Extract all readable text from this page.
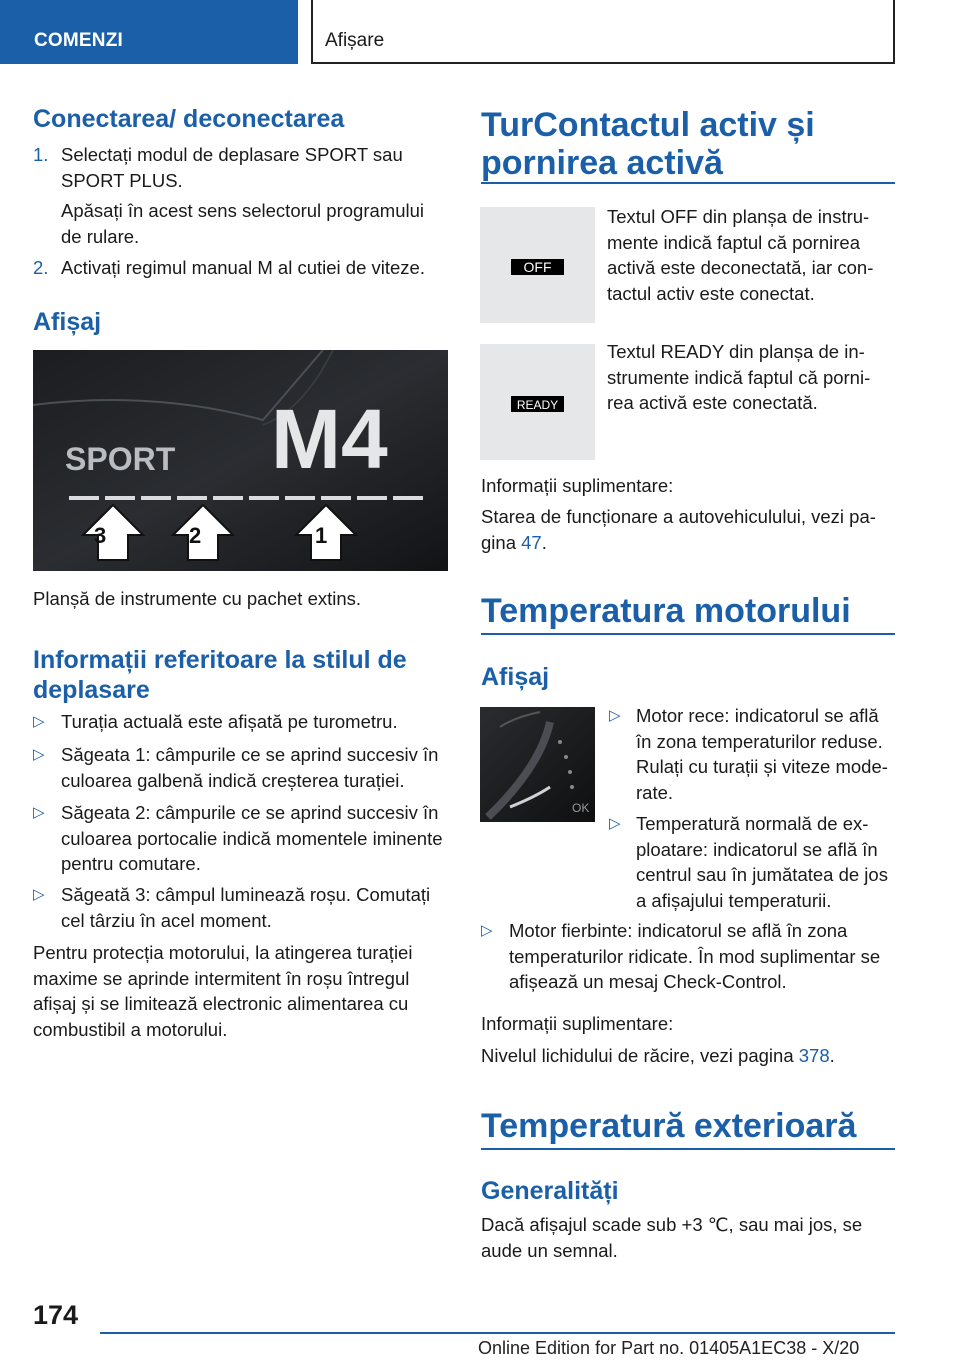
COMENZI	Afișare
Conectarea/ deconectarea
1. Selectați modul de deplasare SPORT sau SPORT PLUS.
Apăsați în acest sens selectorul programului de rulare.
2. Activați regimul manual M al cutiei de viteze.
Afișaj
SPORT M4
3	2	1
Planșă de instrumente cu pachet extins.
Informații referitoare la stilul de deplasare
▷ Turația actuală este afișată pe turometru.
▷ Săgeata 1: câmpurile ce se aprind succesiv în culoarea galbenă indică creșterea turației.
▷ Săgeata 2: câmpurile ce se aprind succesiv în culoarea portocalie indică momentele iminente pentru comutare.
▷ Săgeată 3: câmpul luminează roșu. Comutați cel târziu în acel moment.
Pentru protecția motorului, la atingerea turației maxime se aprinde intermitent în roșu întregul afișaj și se limitează electronic alimentarea cu combustibil a motorului.
TurContactul activ și pornirea activă
OFF
Textul OFF din planșa de instrumente indică faptul că pornirea activă este deconectată, iar contactul activ este conectat.
READY
Textul READY din planșa de instrumente indică faptul că pornirea activă este conectată.
Informații suplimentare:
Starea de funcționare a autovehiculului, vezi pagina 47.
Temperatura motorului
Afișaj
OK
▷ Motor rece: indicatorul se află în zona temperaturilor reduse. Rulați cu turații și viteze moderate.
▷ Temperatură normală de exploatare: indicatorul se află în centrul sau în jumătatea de jos a afișajului temperaturii.
▷ Motor fierbinte: indicatorul se află în zona temperaturilor ridicate. În mod suplimentar se afișează un mesaj Check-Control.
Informații suplimentare:
Nivelul lichidului de răcire, vezi pagina 378.
Temperatură exterioară
Generalități
Dacă afișajul scade sub +3 ℃, sau mai jos, se aude un semnal.
174
Online Edition for Part no. 01405A1EC38 - X/20
